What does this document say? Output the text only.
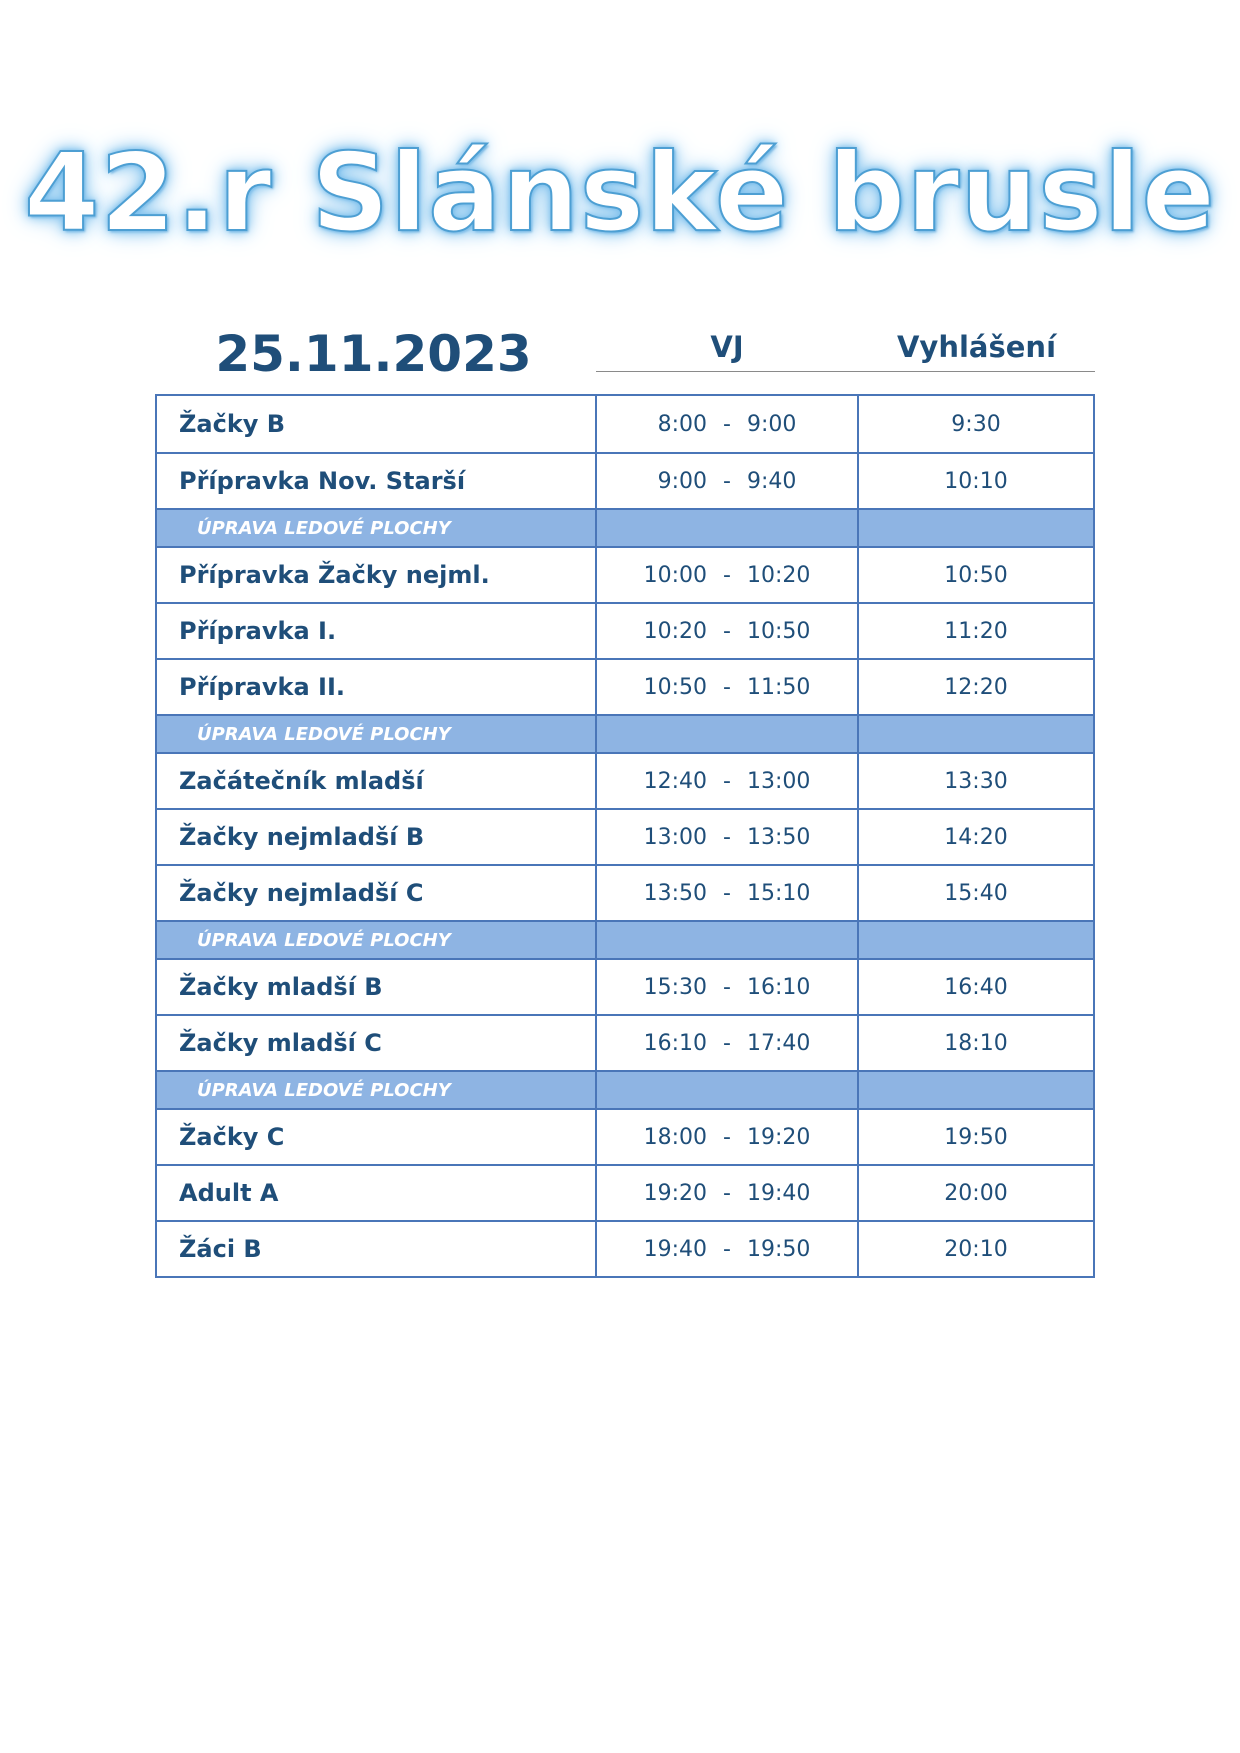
42.r Slánské brusle
25.11.2023	VJ	Vyhlášení
Žačky B	8:00 - 9:00	9:30
Přípravka Nov. Starší	9:00 - 9:40	10:10
ÚPRAVA LEDOVÉ PLOCHY
Přípravka Žačky nejml.	10:00 - 10:20	10:50
Přípravka I.	10:20 - 10:50	11:20
Přípravka II.	10:50 - 11:50	12:20
ÚPRAVA LEDOVÉ PLOCHY
Začátečník mladší	12:40 - 13:00	13:30
Žačky nejmladší B	13:00 - 13:50	14:20
Žačky nejmladší C	13:50 - 15:10	15:40
ÚPRAVA LEDOVÉ PLOCHY
Žačky mladší B	15:30 - 16:10	16:40
Žačky mladší C	16:10 - 17:40	18:10
ÚPRAVA LEDOVÉ PLOCHY
Žačky C	18:00 - 19:20	19:50
Adult A	19:20 - 19:40	20:00
Žáci B	19:40 - 19:50	20:10
